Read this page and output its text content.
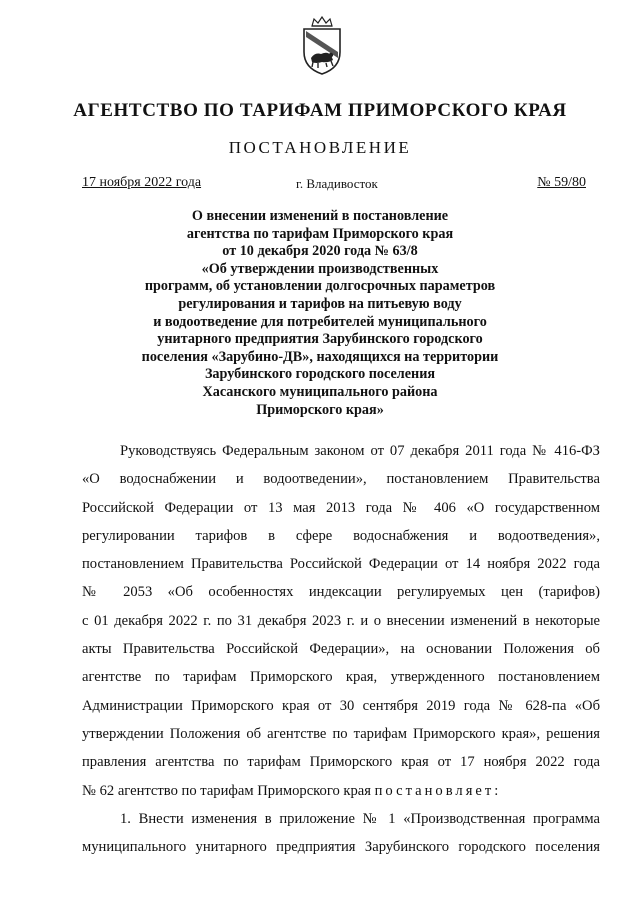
АГЕНТСТВО ПО ТАРИФАМ ПРИМОРСКОГО КРАЯ
ПОСТАНОВЛЕНИЕ
17 ноября 2022 года	г. Владивосток	№ 59/80
О внесении изменений в постановление
агентства по тарифам Приморского края
от 10 декабря 2020 года № 63/8
«Об утверждении производственных
программ, об установлении долгосрочных параметров
регулирования и тарифов на питьевую воду
и водоотведение для потребителей муниципального
унитарного предприятия Зарубинского городского
поселения «Зарубино-ДВ», находящихся на территории
Зарубинского городского поселения
Хасанского муниципального района
Приморского края»
Руководствуясь Федеральным законом от 07 декабря 2011 года № 416-ФЗ
«О водоснабжении и водоотведении», постановлением Правительства
Российской Федерации от 13 мая 2013 года № 406 «О государственном
регулировании тарифов в сфере водоснабжения и водоотведения»,
постановлением Правительства Российской Федерации от 14 ноября 2022 года
№ 2053 «Об особенностях индексации регулируемых цен (тарифов)
с 01 декабря 2022 г. по 31 декабря 2023 г. и о внесении изменений в некоторые
акты Правительства Российской Федерации», на основании Положения об
агентстве по тарифам Приморского края, утвержденного постановлением
Администрации Приморского края от 30 сентября 2019 года № 628-па «Об
утверждении Положения об агентстве по тарифам Приморского края», решения
правления агентства по тарифам Приморского края от 17 ноября 2022 года
№ 62 агентство по тарифам Приморского края постановляет:
1. Внести изменения в приложение № 1 «Производственная программа
муниципального унитарного предприятия Зарубинского городского поселения
